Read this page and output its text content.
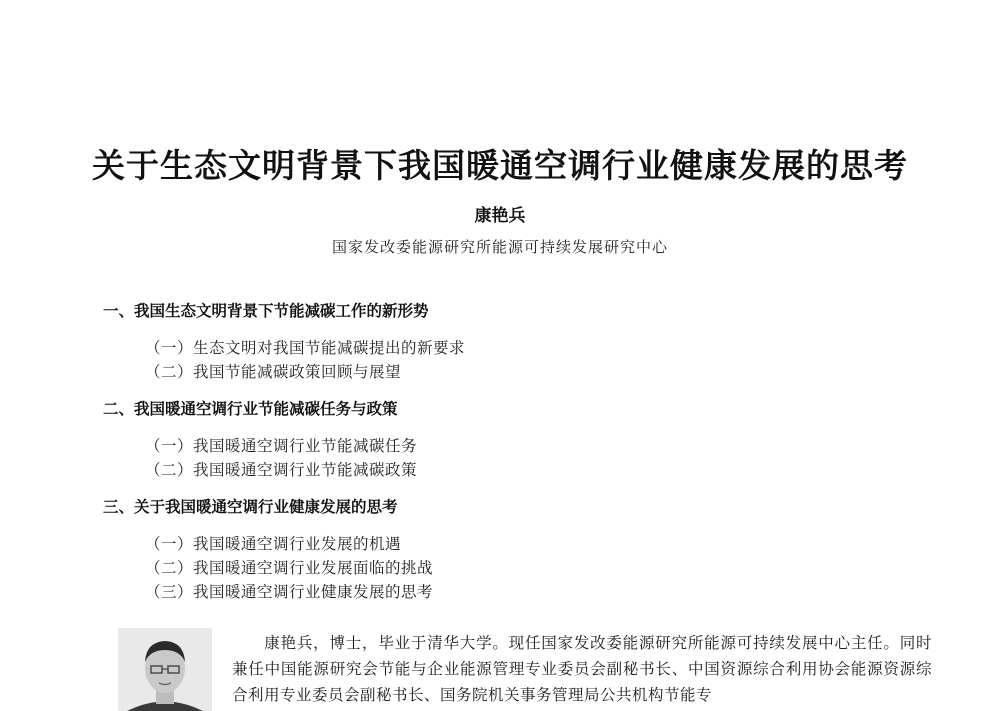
关于生态文明背景下我国暖通空调行业健康发展的思考
康艳兵
国家发改委能源研究所能源可持续发展研究中心
一、我国生态文明背景下节能减碳工作的新形势
（一）生态文明对我国节能减碳提出的新要求
（二）我国节能减碳政策回顾与展望
二、我国暖通空调行业节能减碳任务与政策
（一）我国暖通空调行业节能减碳任务
（二）我国暖通空调行业节能减碳政策
三、关于我国暖通空调行业健康发展的思考
（一）我国暖通空调行业发展的机遇
（二）我国暖通空调行业发展面临的挑战
（三）我国暖通空调行业健康发展的思考
康艳兵，博士，毕业于清华大学。现任国家发改委能源研究所能源可持续发展中心主任。同时兼任中国能源研究会节能与企业能源管理专业委员会副秘书长、中国资源综合利用协会能源资源综合利用专业委员会副秘书长、国务院机关事务管理局公共机构节能专
